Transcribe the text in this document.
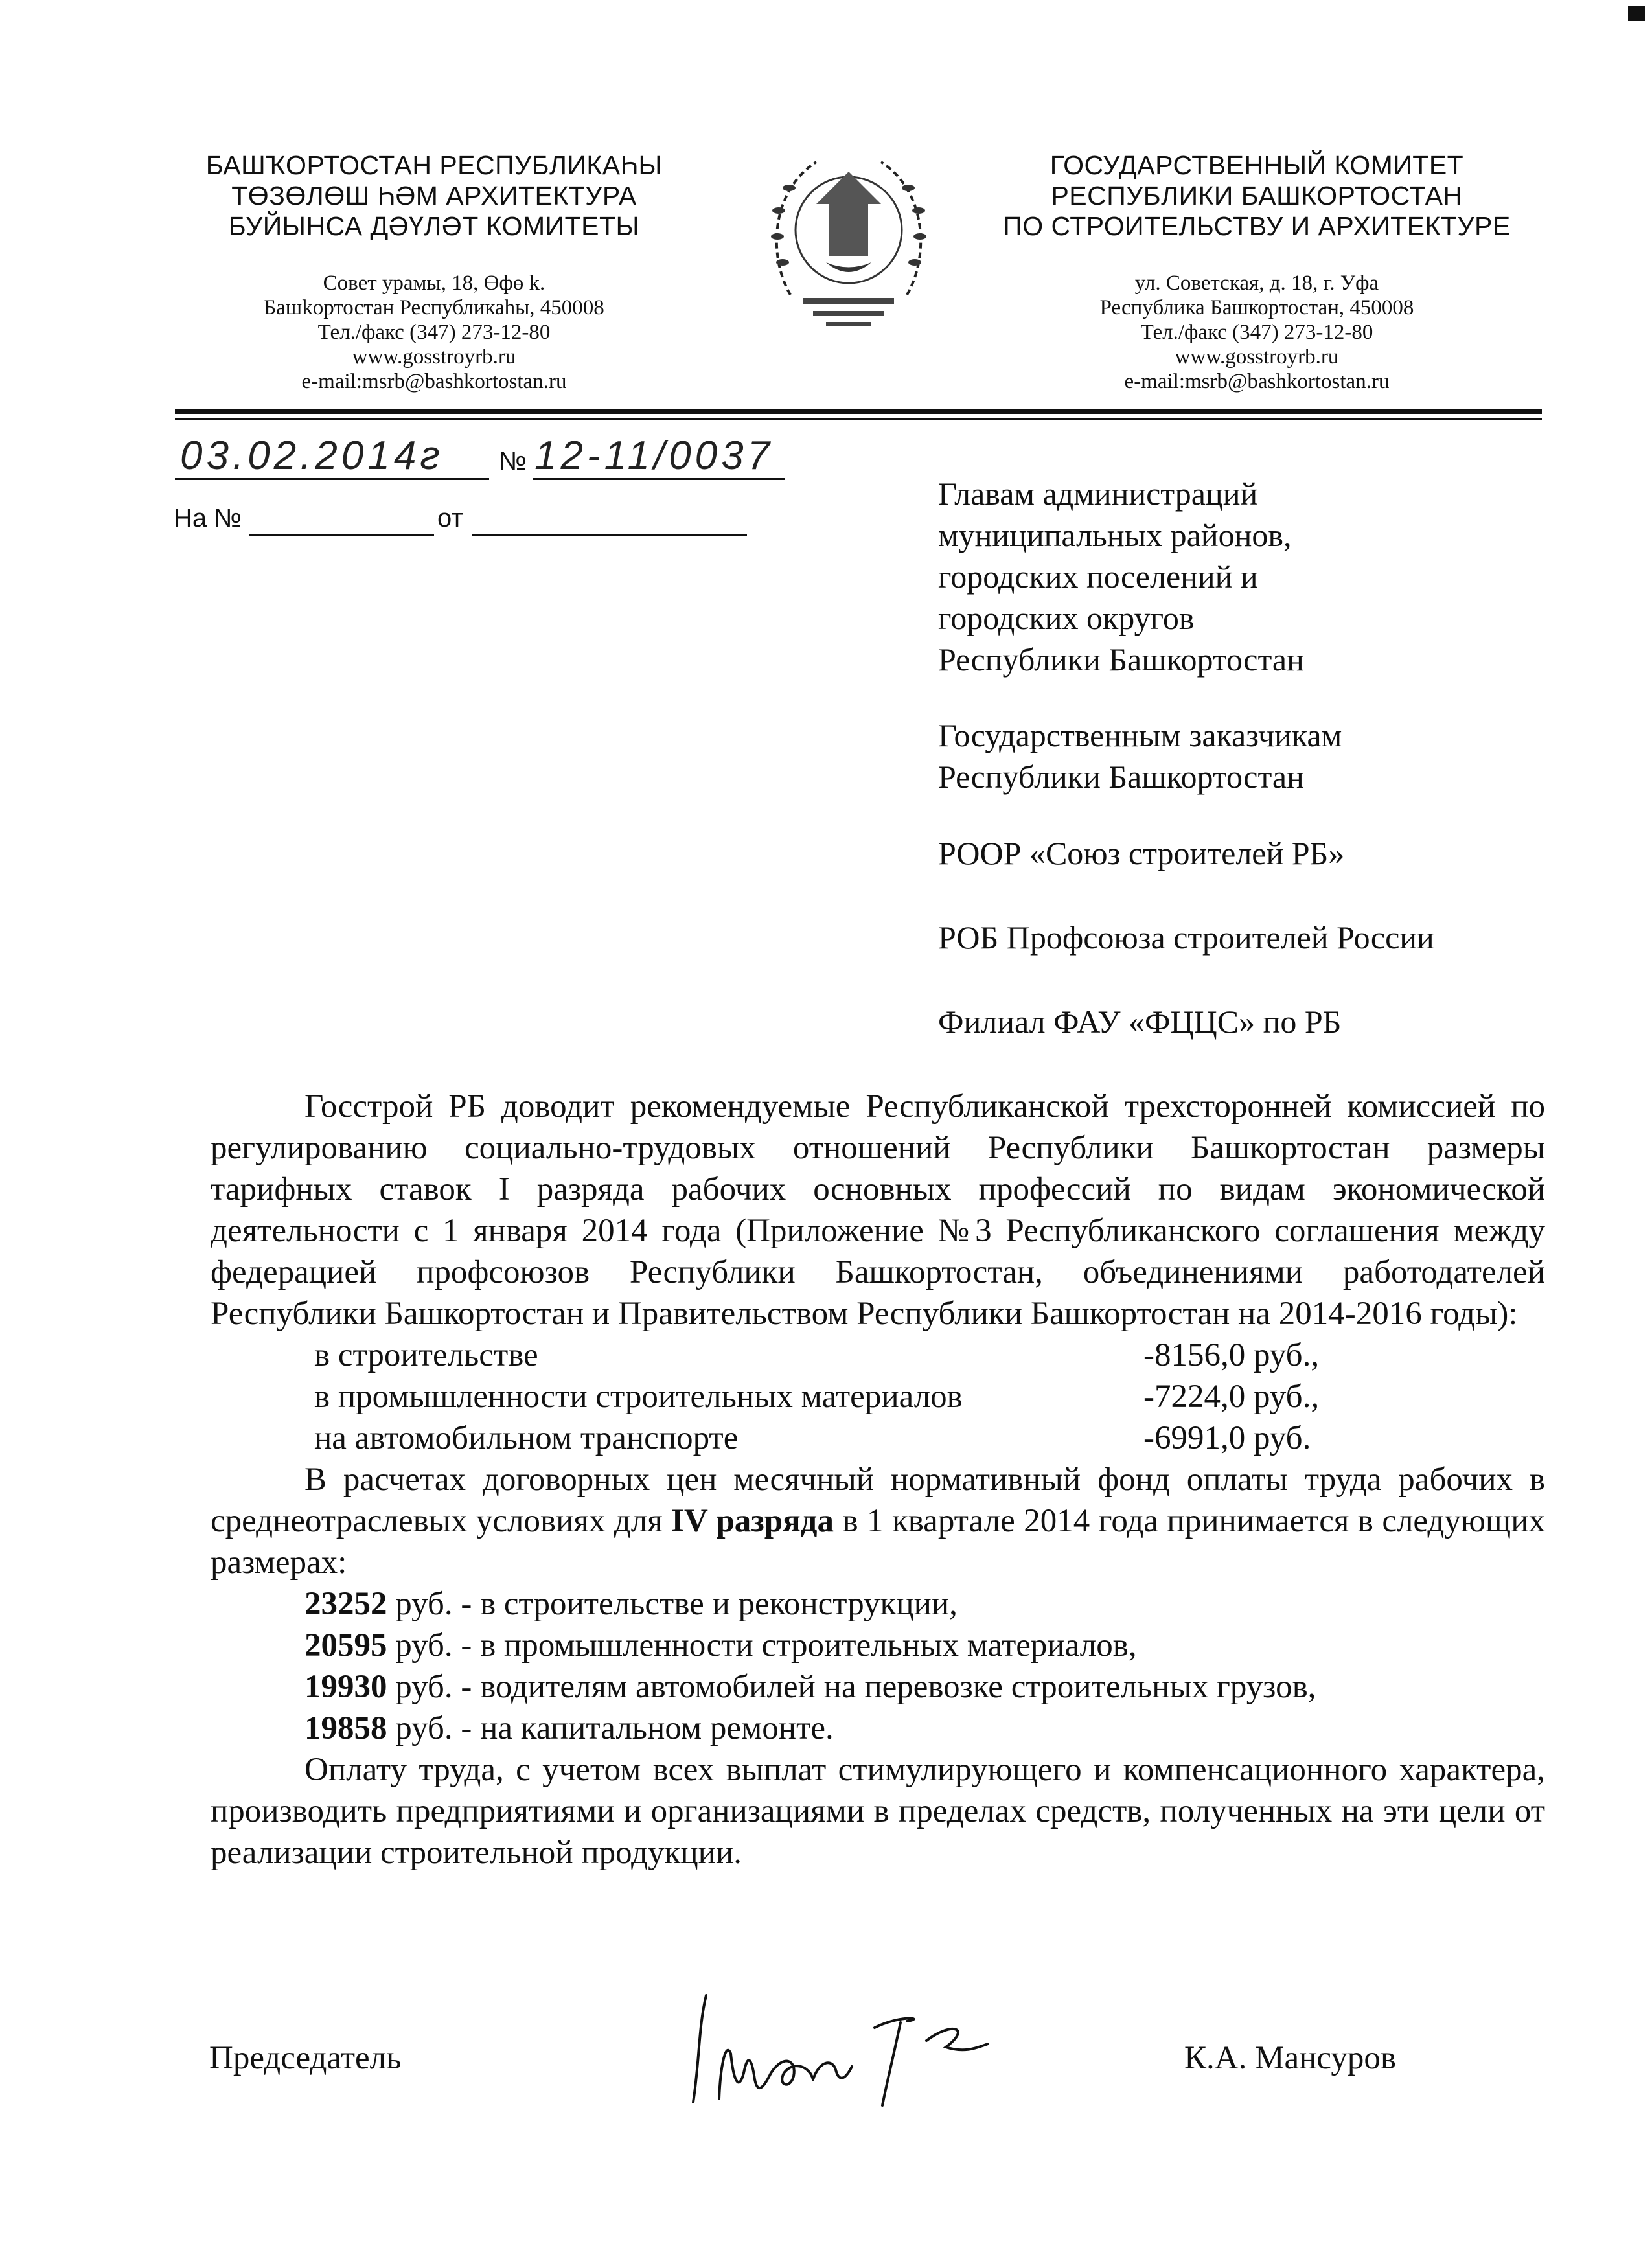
БАШҠОРТОСТАН РЕСПУБЛИКАҺЫ
ТӨЗӨЛӨШ ҺӘМ АРХИТЕКТУРА
БУЙЫНСА ДӘҮЛӘТ КОМИТЕТЫ
Совет урамы, 18, Өфө k.
Башkортостан Республикаһы, 450008
Тел./факс (347) 273-12-80
www.gosstroyrb.ru
e-mail:msrb@bashkortostan.ru
ГОСУДАРСТВЕННЫЙ КОМИТЕТ
РЕСПУБЛИКИ БАШКОРТОСТАН
ПО СТРОИТЕЛЬСТВУ И АРХИТЕКТУРЕ
ул. Советская, д. 18, г. Уфа
Республика Башкортостан, 450008
Тел./факс (347) 273-12-80
www.gosstroyrb.ru
e-mail:msrb@bashkortostan.ru
03.02.2014г № 12-11/0037
На №	от
Главам администраций
муниципальных районов,
городских поселений и
городских округов
Республики Башкортостан
Государственным заказчикам
Республики Башкортостан
РООР «Союз строителей РБ»
РОБ Профсоюза строителей России
Филиал ФАУ «ФЦЦС» по РБ
Госстрой РБ доводит рекомендуемые Республиканской трехсторонней комиссией по регулированию социально-трудовых отношений Республики Башкортостан размеры тарифных ставок I разряда рабочих основных профессий по видам экономической деятельности с 1 января 2014 года (Приложение №3 Республиканского соглашения между федерацией профсоюзов Республики Башкортостан, объединениями работодателей Республики Башкортостан и Правительством Республики Башкортостан на 2014-2016 годы):
в строительстве	-8156,0 руб.,
в промышленности строительных материалов	-7224,0 руб.,
на автомобильном транспорте	-6991,0 руб.
В расчетах договорных цен месячный нормативный фонд оплаты труда рабочих в среднеотраслевых условиях для IV разряда в 1 квартале 2014 года принимается в следующих размерах:
23252 руб. - в строительстве и реконструкции,
20595 руб. - в промышленности строительных материалов,
19930 руб. - водителям автомобилей на перевозке строительных грузов,
19858 руб. - на капитальном ремонте.
Оплату труда, с учетом всех выплат стимулирующего и компенсационного характера, производить предприятиями и организациями в пределах средств, полученных на эти цели от реализации строительной продукции.
Председатель	К.А. Мансуров
